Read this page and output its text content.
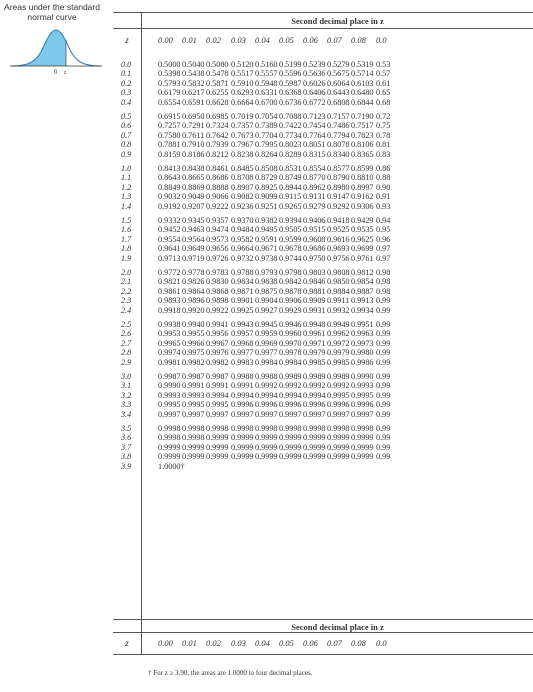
Areas under the standard normal curve
0 z
Second decimal place in z
Second decimal place in z
z	0.00 0.01 0.02 0.03 0.04 0.05 0.06 0.07 0.08 0.0
z	0.00 0.01 0.02 0.03 0.04 0.05 0.06 0.07 0.08 0.0
0.0	0.5000 0.5040 0.5080 0.5120 0.5160 0.5199 0.5239 0.5279 0.5319 0.53
0.1	0.5398 0.5438 0.5478 0.5517 0.5557 0.5596 0.5636 0.5675 0.5714 0.57
0.2	0.5793 0.5832 0.5871 0.5910 0.5948 0.5987 0.6026 0.6064 0.6103 0.61
0.3	0.6179 0.6217 0.6255 0.6293 0.6331 0.6368 0.6406 0.6443 0.6480 0.65
0.4	0.6554 0.6591 0.6628 0.6664 0.6700 0.6736 0.6772 0.6808 0.6844 0.68
0.5	0.6915 0.6950 0.6985 0.7019 0.7054 0.7088 0.7123 0.7157 0.7190 0.72
0.6	0.7257 0.7291 0.7324 0.7357 0.7389 0.7422 0.7454 0.7486 0.7517 0.75
0.7	0.7580 0.7611 0.7642 0.7673 0.7704 0.7734 0.7764 0.7794 0.7823 0.78
0.8	0.7881 0.7910 0.7939 0.7967 0.7995 0.8023 0.8051 0.8078 0.8106 0.81
0.9	0.8159 0.8186 0.8212 0.8238 0.8264 0.8289 0.8315 0.8340 0.8365 0.83
1.0	0.8413 0.8438 0.8461 0.8485 0.8508 0.8531 0.8554 0.8577 0.8599 0.86
1.1	0.8643 0.8665 0.8686 0.8708 0.8729 0.8749 0.8770 0.8790 0.8810 0.88
1.2	0.8849 0.8869 0.8888 0.8907 0.8925 0.8944 0.8962 0.8980 0.8997 0.90
1.3	0.9032 0.9049 0.9066 0.9082 0.9099 0.9115 0.9131 0.9147 0.9162 0.91
1.4	0.9192 0.9207 0.9222 0.9236 0.9251 0.9265 0.9279 0.9292 0.9306 0.93
1.5	0.9332 0.9345 0.9357 0.9370 0.9382 0.9394 0.9406 0.9418 0.9429 0.94
1.6	0.9452 0.9463 0.9474 0.9484 0.9495 0.9505 0.9515 0.9525 0.9535 0.95
1.7	0.9554 0.9564 0.9573 0.9582 0.9591 0.9599 0.9608 0.9616 0.9625 0.96
1.8	0.9641 0.9649 0.9656 0.9664 0.9671 0.9678 0.9686 0.9693 0.9699 0.97
1.9	0.9713 0.9719 0.9726 0.9732 0.9738 0.9744 0.9750 0.9756 0.9761 0.97
2.0	0.9772 0.9778 0.9783 0.9788 0.9793 0.9798 0.9803 0.9808 0.9812 0.98
2.1	0.9821 0.9826 0.9830 0.9834 0.9838 0.9842 0.9846 0.9850 0.9854 0.98
2.2	0.9861 0.9864 0.9868 0.9871 0.9875 0.9878 0.9881 0.9884 0.9887 0.98
2.3	0.9893 0.9896 0.9898 0.9901 0.9904 0.9906 0.9909 0.9911 0.9913 0.99
2.4	0.9918 0.9920 0.9922 0.9925 0.9927 0.9929 0.9931 0.9932 0.9934 0.99
2.5	0.9938 0.9940 0.9941 0.9943 0.9945 0.9946 0.9948 0.9949 0.9951 0.99
2.6	0.9953 0.9955 0.9956 0.9957 0.9959 0.9960 0.9961 0.9962 0.9963 0.99
2.7	0.9965 0.9966 0.9967 0.9968 0.9969 0.9970 0.9971 0.9972 0.9973 0.99
2.8	0.9974 0.9975 0.9976 0.9977 0.9977 0.9978 0.9979 0.9979 0.9980 0.99
2.9	0.9981 0.9982 0.9982 0.9983 0.9984 0.9984 0.9985 0.9985 0.9986 0.99
3.0	0.9987 0.9987 0.9987 0.9988 0.9988 0.9989 0.9989 0.9989 0.9990 0.99
3.1	0.9990 0.9991 0.9991 0.9991 0.9992 0.9992 0.9992 0.9992 0.9993 0.99
3.2	0.9993 0.9993 0.9994 0.9994 0.9994 0.9994 0.9994 0.9995 0.9995 0.99
3.3	0.9995 0.9995 0.9995 0.9996 0.9996 0.9996 0.9996 0.9996 0.9996 0.99
3.4	0.9997 0.9997 0.9997 0.9997 0.9997 0.9997 0.9997 0.9997 0.9997 0.99
3.5	0.9998 0.9998 0.9998 0.9998 0.9998 0.9998 0.9998 0.9998 0.9998 0.99
3.6	0.9998 0.9998 0.9999 0.9999 0.9999 0.9999 0.9999 0.9999 0.9999 0.99
3.7	0.9999 0.9999 0.9999 0.9999 0.9999 0.9999 0.9999 0.9999 0.9999 0.99
3.8	0.9999 0.9999 0.9999 0.9999 0.9999 0.9999 0.9999 0.9999 0.9999 0.99
3.9	1.0000†
† For z ≥ 3.90, the areas are 1.0000 to four decimal places.
